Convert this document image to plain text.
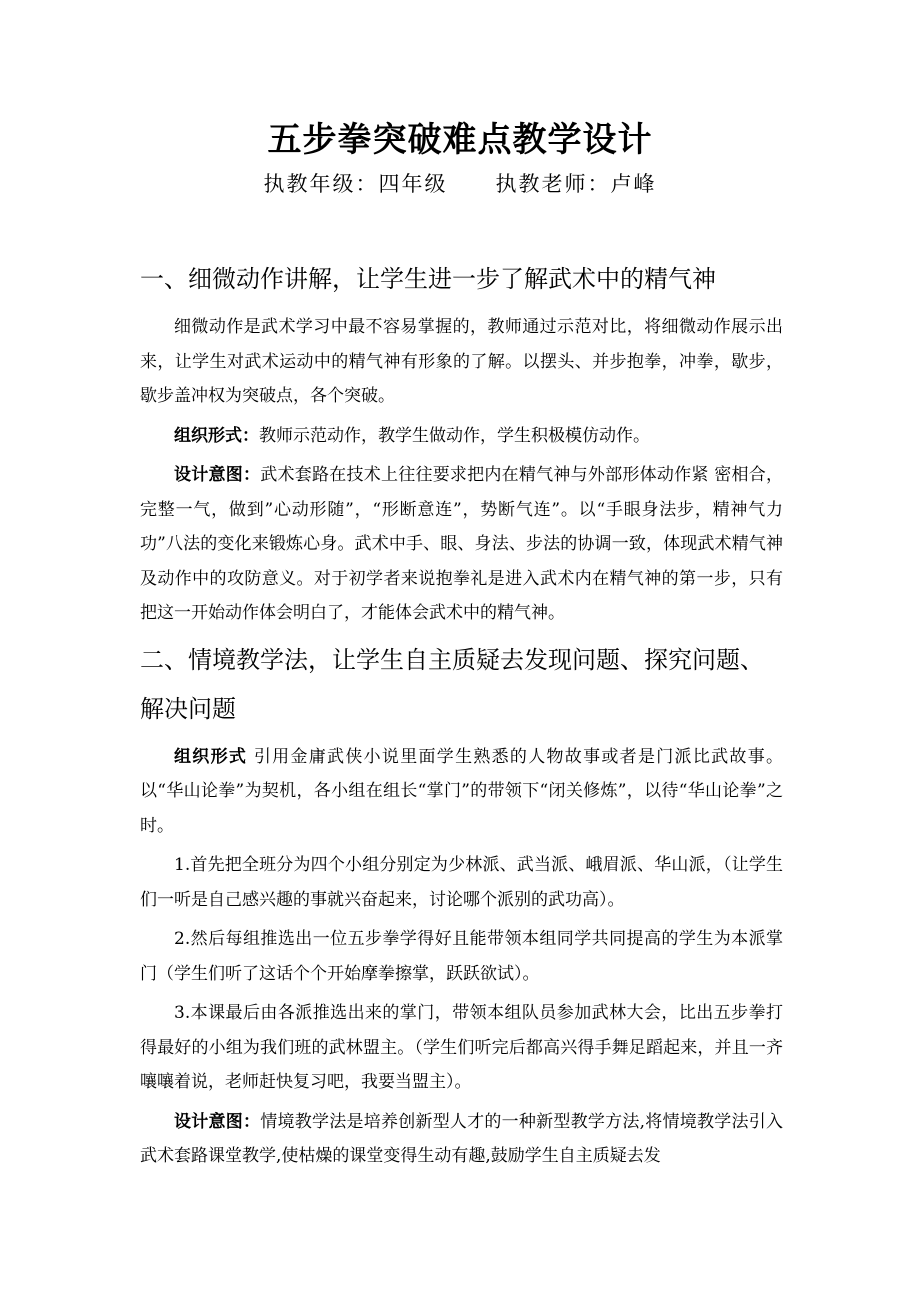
五步拳突破难点教学设计
执教年级：四年级 执教老师：卢峰

一、细微动作讲解，让学生进一步了解武术中的精气神

细微动作是武术学习中最不容易掌握的，教师通过示范对比，将细微动作展示出来，让学生对武术运动中的精气神有形象的了解。以摆头、并步抱拳，冲拳，歇步，歇步盖冲权为突破点，各个突破。

组织形式：教师示范动作，教学生做动作，学生积极模仿动作。

设计意图：武术套路在技术上往往要求把内在精气神与外部形体动作紧 密相合，完整一气，做到”心动形随”，“形断意连”，势断气连”。以“手眼身法步，精神气力功”八法的变化来锻炼心身。武术中手、眼、身法、步法的协调一致，体现武术精气神及动作中的攻防意义。对于初学者来说抱拳礼是进入武术内在精气神的第一步，只有把这一开始动作体会明白了，才能体会武术中的精气神。

二、情境教学法，让学生自主质疑去发现问题、探究问题、解决问题

组织形式 引用金庸武侠小说里面学生熟悉的人物故事或者是门派比武故事。以“华山论拳”为契机，各小组在组长“掌门”的带领下“闭关修炼”，以待“华山论拳”之时。

1.首先把全班分为四个小组分别定为少林派、武当派、峨眉派、华山派，（让学生们一听是自己感兴趣的事就兴奋起来，讨论哪个派别的武功高）。

2.然后每组推选出一位五步拳学得好且能带领本组同学共同提高的学生为本派掌门（学生们听了这话个个开始摩拳擦掌，跃跃欲试）。

3.本课最后由各派推选出来的掌门，带领本组队员参加武林大会，比出五步拳打得最好的小组为我们班的武林盟主。（学生们听完后都高兴得手舞足蹈起来，并且一齐嚷嚷着说，老师赶快复习吧，我要当盟主）。

设计意图：情境教学法是培养创新型人才的一种新型教学方法,将情境教学法引入武术套路课堂教学,使枯燥的课堂变得生动有趣,鼓励学生自主质疑去发
